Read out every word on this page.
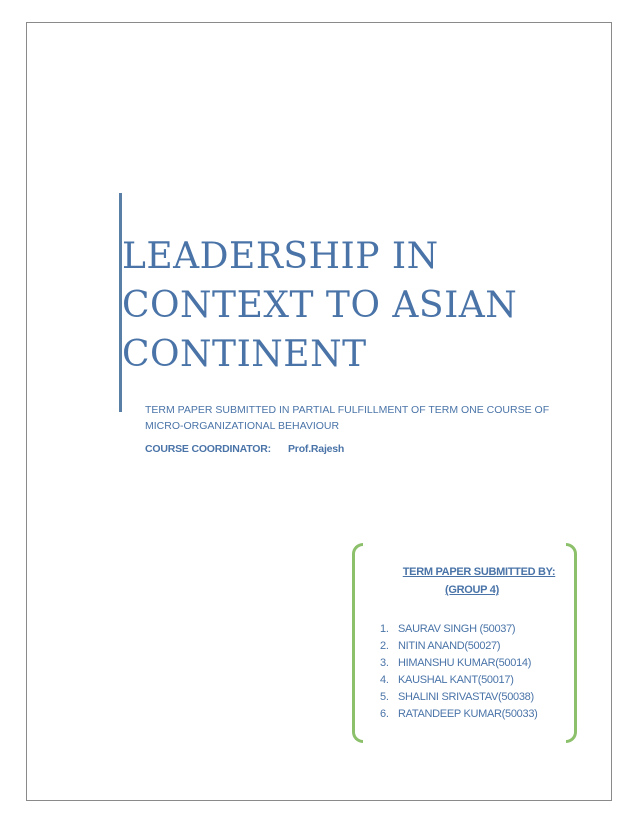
LEADERSHIP IN
CONTEXT TO ASIAN
CONTINENT
TERM PAPER SUBMITTED IN PARTIAL FULFILLMENT OF TERM ONE COURSE OF
MICRO-ORGANIZATIONAL BEHAVIOUR
COURSE COORDINATOR: Prof.Rajesh
TERM PAPER SUBMITTED BY:
(GROUP 4)
1. SAURAV SINGH (50037)
2. NITIN ANAND(50027)
3. HIMANSHU KUMAR(50014)
4. KAUSHAL KANT(50017)
5. SHALINI SRIVASTAV(50038)
6. RATANDEEP KUMAR(50033)
